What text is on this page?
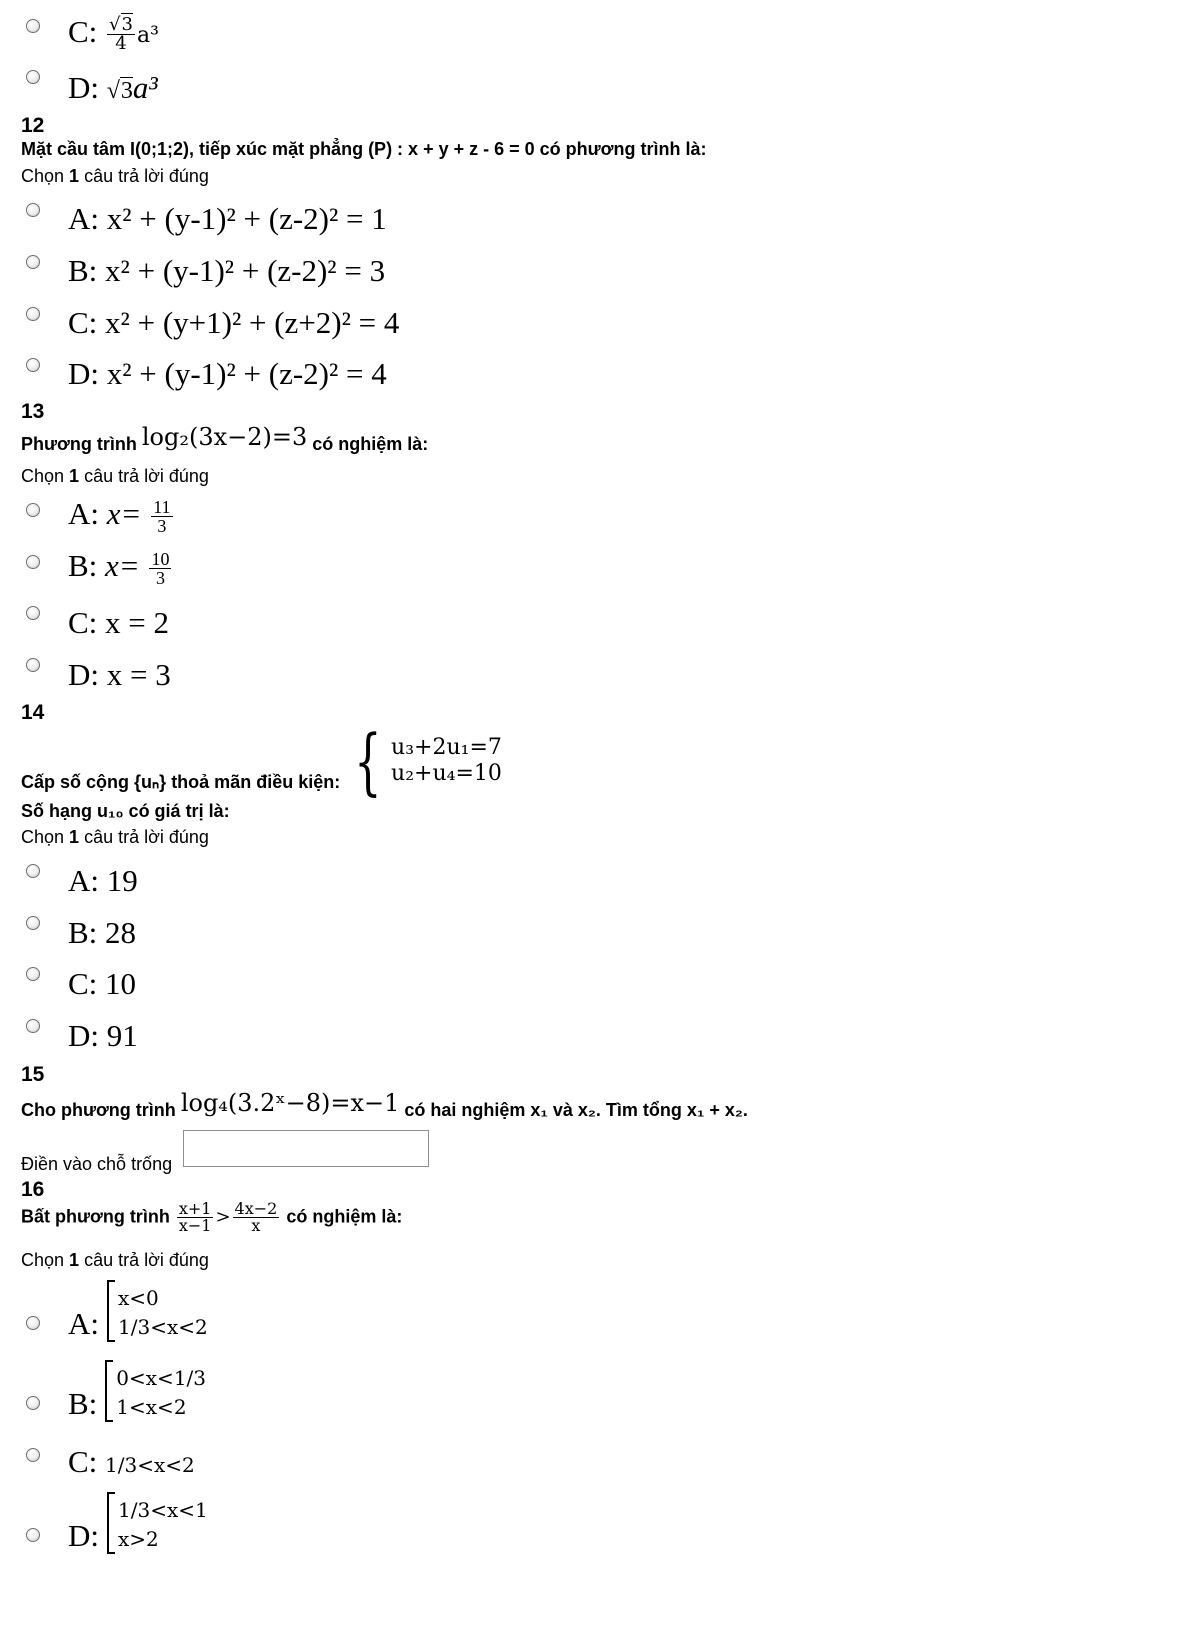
C: $\frac{√3}{4} a^3$
D: √3a³
12
Mặt cầu tâm I(0;1;2), tiếp xúc mặt phẳng (P) : x + y + z - 6 = 0 có phương trình là:
Chọn 1 câu trả lời đúng
A: x² + (y-1)² + (z-2)² = 1
B: x² + (y-1)² + (z-2)² = 3
C: x² + (y+1)² + (z+2)² = 4
D: x² + (y-1)² + (z-2)² = 4
13
Phương trình log₂(3x−2)=3 có nghiệm là:
Chọn 1 câu trả lời đúng
A: $x= \frac{11}{3}$
B: $x= \frac{10}{3}$
C: x = 2
D: x = 3
14
Cấp số cộng {uₙ} thoả mãn điều kiện: { u₃+2u₁=7
u₂+u₄=10
Số hạng u₁₀ có giá trị là:
Chọn 1 câu trả lời đúng
A: 19
B: 28
C: 10
D: 91
15
Cho phương trình log₄(3.2ˣ−8)=x−1 có hai nghiệm x₁ và x₂. Tìm tổng x₁ + x₂.
Điền vào chỗ trống
16
Bất phương trình $\frac{x+1}{x-1} > \frac{4x-2}{x}$ có nghiệm là:
Chọn 1 câu trả lời đúng
A:
x<0
1/3<x<2
B:
0<x<1/3
1<x<2
C: 1/3<x<2
D:
1/3<x<1
x>2
